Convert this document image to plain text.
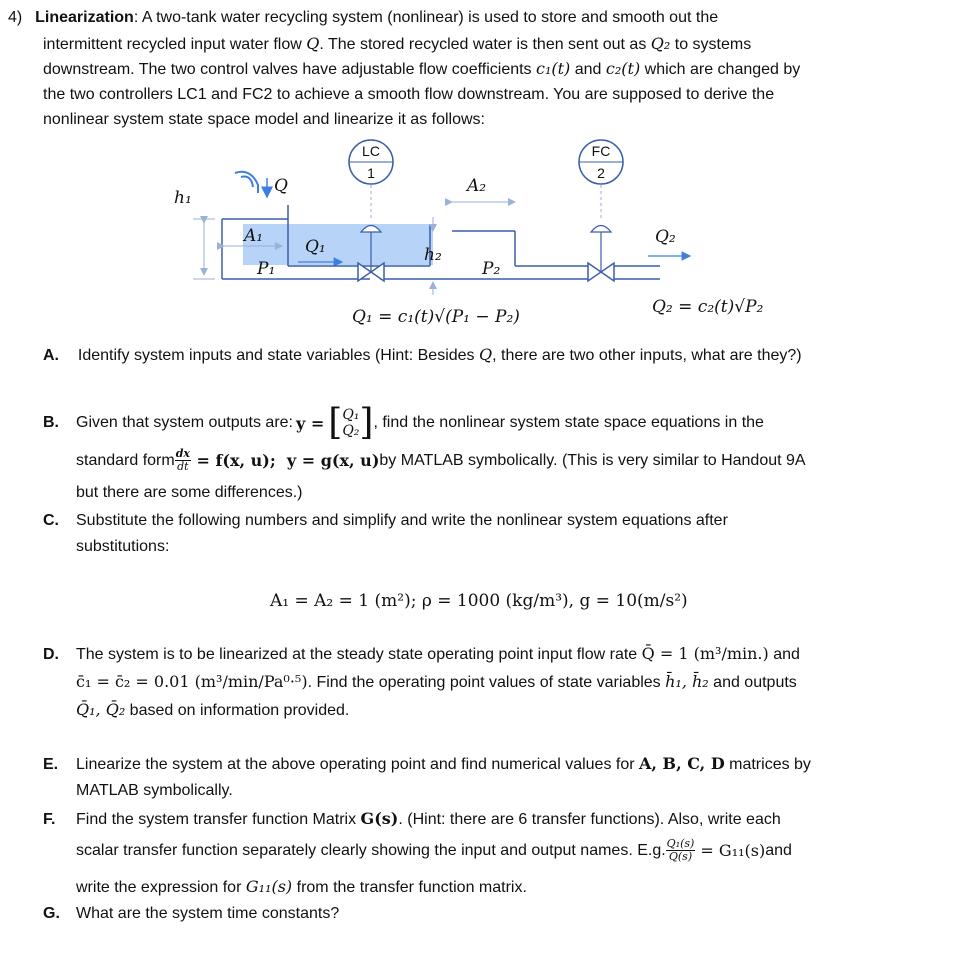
4) Linearization: A two-tank water recycling system (nonlinear) is used to store and smooth out the
intermittent recycled input water flow Q. The stored recycled water is then sent out as Q₂ to systems
downstream. The two control valves have adjustable flow coefficients c₁(t) and c₂(t) which are changed by
the two controllers LC1 and FC2 to achieve a smooth flow downstream. You are supposed to derive the
nonlinear system state space model and linearize it as follows:
h₁
Q
A₁
P₁
Q₁
LC
1
h₂
P₂
A₂
Q₂
FC
2
Q₁ = c₁(t)√(P₁ − P₂)	Q₂ = c₂(t)√P₂
A. Identify system inputs and state variables (Hint: Besides Q, there are two other inputs, what are they?)
B.	Given that system outputs are: y = [ Q₁
Q₂ ] , find the nonlinear system state space equations in the
standard form $\frac{dx}{dt} = f(x$, u);  y = g(x, u) by MATLAB symbolically. (This is very similar to Handout 9A
but there are some differences.)
C. Substitute the following numbers and simplify and write the nonlinear system equations after
substitutions:
A₁ = A₂ = 1 (m²); ρ = 1000 (kg/m³), g = 10(m/s²)
D. The system is to be linearized at the steady state operating point input flow rate Q̄ = 1 (m³/min.) and
c̄₁ = c̄₂ = 0.01 (m³/min/Pa⁰·⁵). Find the operating point values of state variables h̄₁, h̄₂ and outputs
Q̄₁, Q̄₂ based on information provided.
E. Linearize the system at the above operating point and find numerical values for A, B, C, D matrices by
MATLAB symbolically.
F. Find the system transfer function Matrix G(s). (Hint: there are 6 transfer functions). Also, write each
scalar transfer function separately clearly showing the input and output names. E.g. $\frac{\text{Q₁(s)}}{Q(s)} = G_{11}(s)$ and
write the expression for G₁₁(s) from the transfer function matrix.
G. What are the system time constants?
